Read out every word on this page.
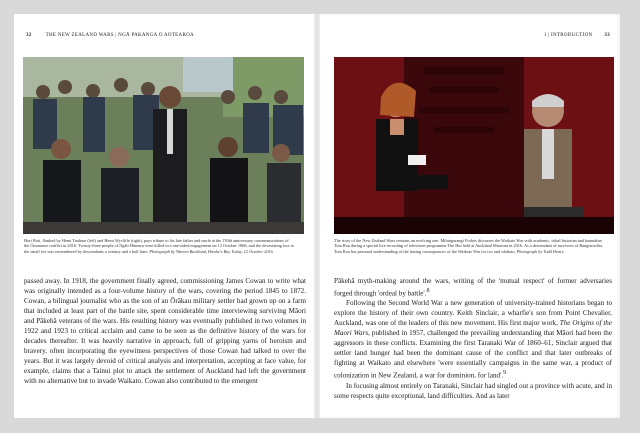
32	THE NEW ZEALAND WARS | NGĀ PAKANGA O AOTEAROA
Hori Roti, flanked by Hemi Tuahine (left) and Hemi Wycliffe (right), pays tribute to his late father and uncle at the 150th anniversary commemorations of the Ōmarunui conflict in 2016. Twenty-three people of Ngāti Hineuru were killed in a one-sided engagement on 12 October 1866, and the devastating loss to the small iwi was remembered by descendants a century and a half later. Photograph by Warren Buckland, Hawke's Bay Today, 12 October 2016

passed away. In 1918, the government finally agreed, commissioning James Cowan to write what was originally intended as a four-volume history of the wars, covering the period 1845 to 1872. Cowan, a bilingual journalist who as the son of an Ōrākau military settler had grown up on a farm that included at least part of the battle site, spent considerable time interviewing surviving Māori and Pākehā veterans of the wars. His resulting history was eventually published in two volumes in 1922 and 1923 to critical acclaim and came to be seen as the definitive history of the wars for decades thereafter. It was heavily narrative in approach, full of gripping yarns of heroism and bravery, often incorporating the eyewitness perspectives of those Cowan had talked to over the years. But it was largely devoid of critical analysis and interpretation, accepting at face value, for example, claims that a Tainui plot to attack the settlement of Auckland had left the government with no alternative but to invade Waikato. Cowan also contributed to the emergent

1 | INTRODUCTION 33
The story of the New Zealand Wars remains an evolving one. Mihingarangi Forbes discusses the Waikato War with academic, tribal historian and kaumātua Tom Roa during a special live recording of television programme The Hui held at Auckland Museum in 2016. As a descendant of survivors of Rangiaowhia, Tom Roa has personal understanding of the lasting consequences of the Waikato War for iwi and whānau. Photograph by Todd Henry

Pākehā myth-making around the wars, writing of the 'mutual respect' of former adversaries forged through 'ordeal by battle'.$^8$

Following the Second World War a new generation of university-trained historians began to explore the history of their own country. Keith Sinclair, a wharfie's son from Point Chevalier, Auckland, was one of the leaders of this new movement. His first major work, The Origins of the Maori Wars, published in 1957, challenged the prevailing understanding that Māori had been the aggressors in these conflicts. Examining the first Taranaki War of 1860–61, Sinclair argued that settler land hunger had been the dominant cause of the conflict and that later outbreaks of fighting at Waikato and elsewhere 'were essentially campaigns in the same war, a product of colonization in New Zealand, a war for dominion, for land'.$^9$

In focusing almost entirely on Taranaki, Sinclair had singled out a province with acute, and in some respects quite exceptional, land difficulties. And as later
